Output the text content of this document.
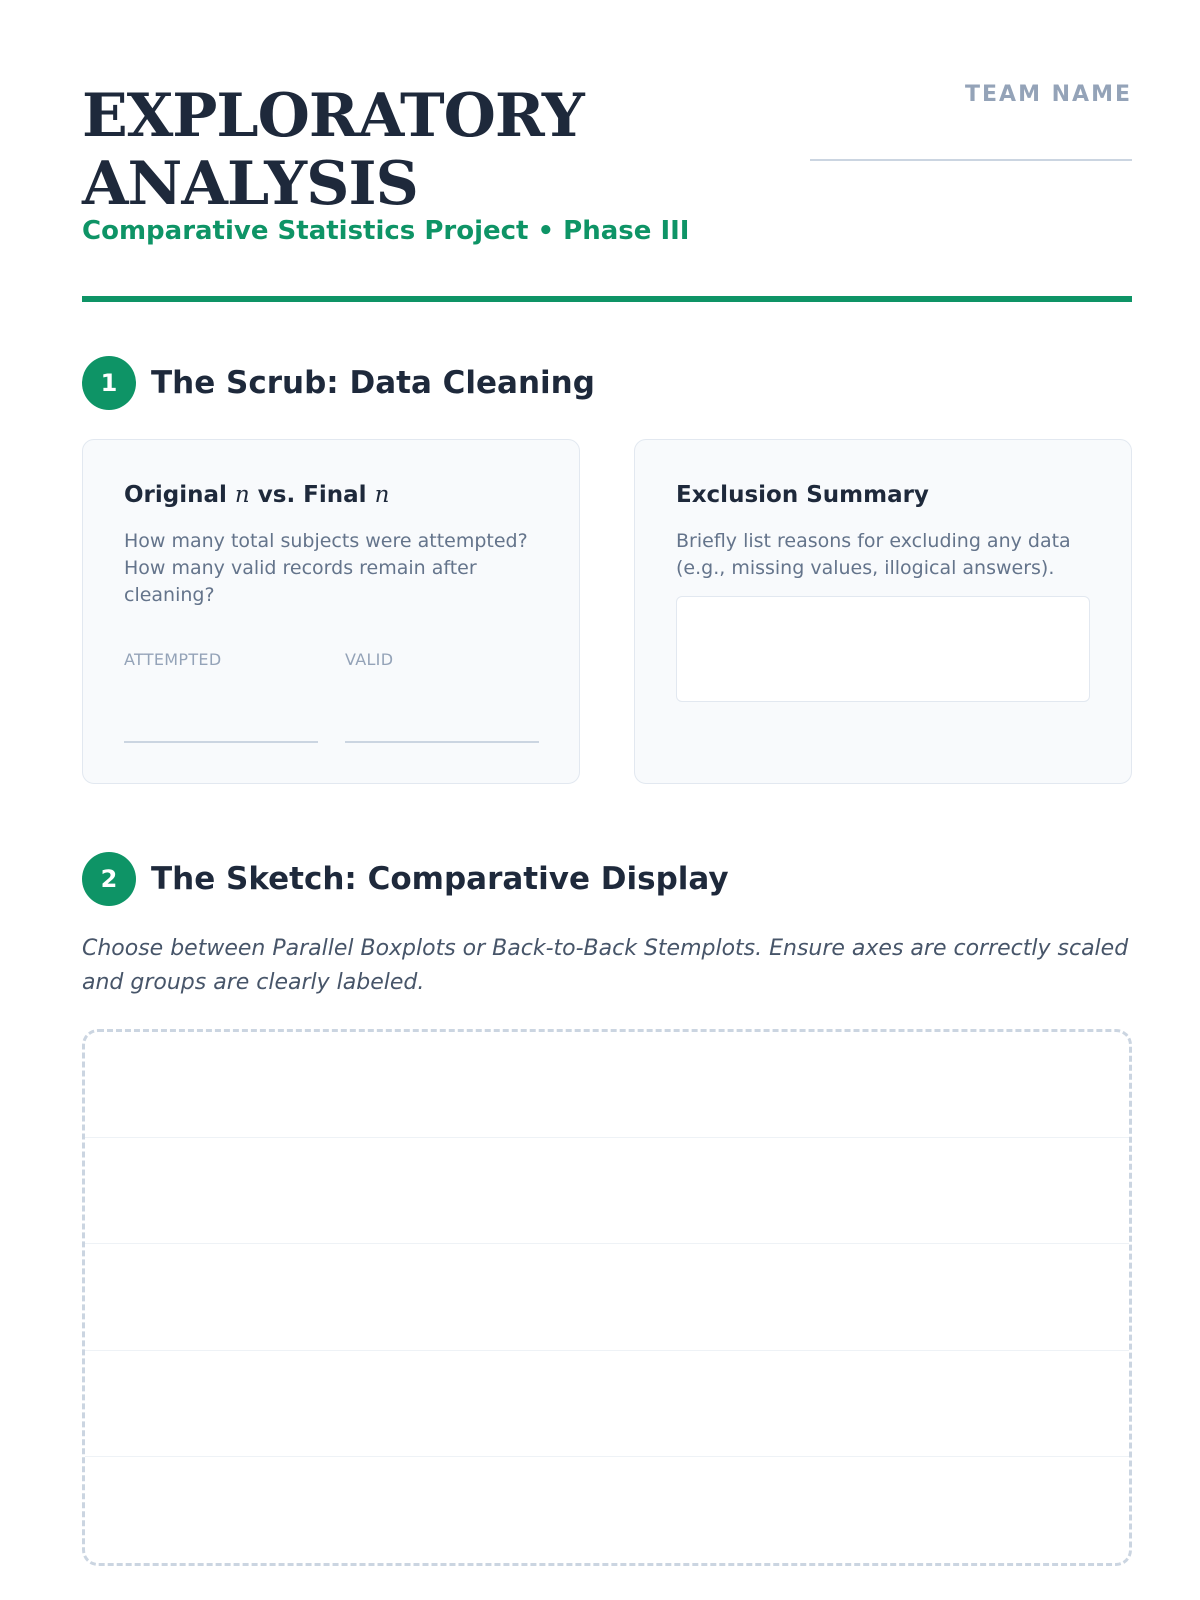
EXPLORATORY
ANALYSIS
Comparative Statistics Project • Phase III
TEAM NAME
1	The Scrub: Data Cleaning
Original n vs. Final n
How many total subjects were attempted? How many valid records remain after cleaning?
ATTEMPTED	VALID
Exclusion Summary
Briefly list reasons for excluding any data (e.g., missing values, illogical answers).
2	The Sketch: Comparative Display
Choose between Parallel Boxplots or Back-to-Back Stemplots. Ensure axes are correctly scaled and groups are clearly labeled.
